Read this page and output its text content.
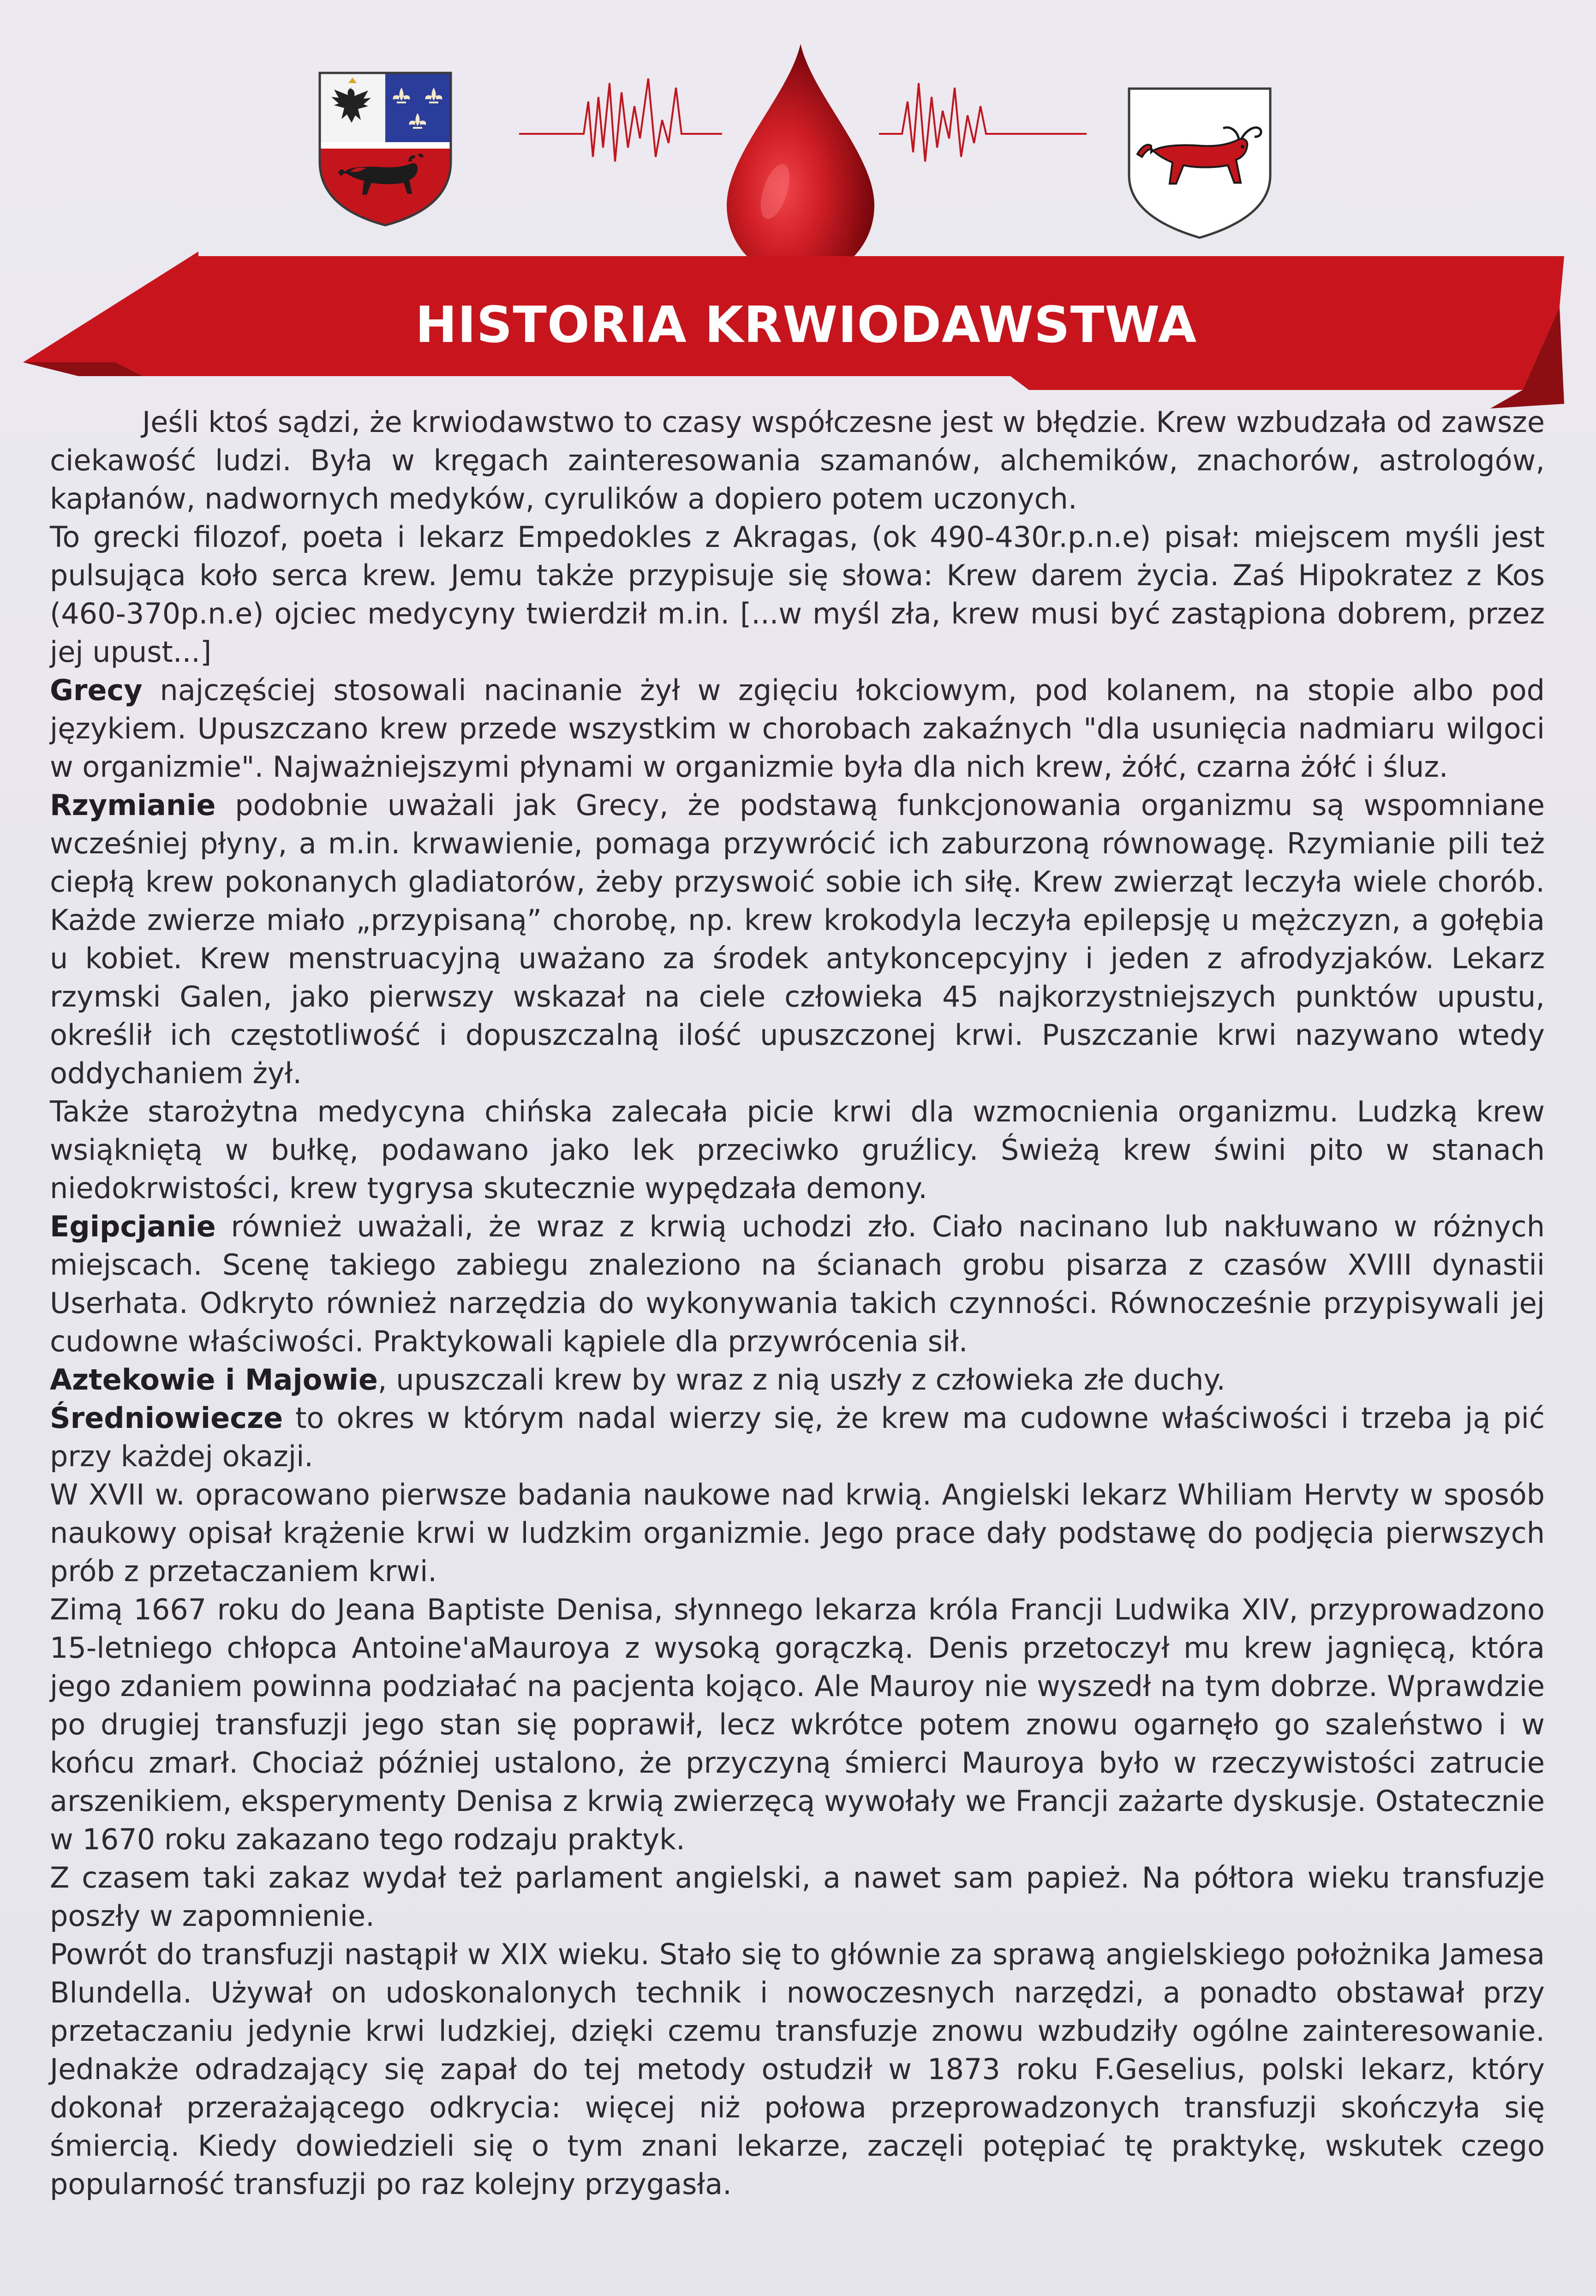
HISTORIA KRWIODAWSTWA

Jeśli ktoś sądzi, że krwiodawstwo to czasy współczesne jest w błędzie. Krew wzbudzała od zawsze ciekawość ludzi. Była w kręgach zainteresowania szamanów, alchemików, znachorów, astrologów, kapłanów, nadwornych medyków, cyrulików a dopiero potem uczonych.

To grecki filozof, poeta i lekarz Empedokles z Akragas, (ok 490-430r.p.n.e) pisał: miejscem myśli jest pulsująca koło serca krew. Jemu także przypisuje się słowa: Krew darem życia. Zaś Hipokratez z Kos (460-370p.n.e) ojciec medycyny twierdził m.in. [...w myśl zła, krew musi być zastąpiona dobrem, przez jej upust...]

Grecy najczęściej stosowali nacinanie żył w zgięciu łokciowym, pod kolanem, na stopie albo pod językiem. Upuszczano krew przede wszystkim w chorobach zakaźnych "dla usunięcia nadmiaru wilgoci w organizmie". Najważniejszymi płynami w organizmie była dla nich krew, żółć, czarna żółć i śluz.

Rzymianie podobnie uważali jak Grecy, że podstawą funkcjonowania organizmu są wspomniane wcześniej płyny, a m.in. krwawienie, pomaga przywrócić ich zaburzoną równowagę. Rzymianie pili też ciepłą krew pokonanych gladiatorów, żeby przyswoić sobie ich siłę. Krew zwierząt leczyła wiele chorób. Każde zwierze miało „przypisaną” chorobę, np. krew krokodyla leczyła epilepsję u mężczyzn, a gołębia u kobiet. Krew menstruacyjną uważano za środek antykoncepcyjny i jeden z afrodyzjaków. Lekarz rzymski Galen, jako pierwszy wskazał na ciele człowieka 45 najkorzystniejszych punktów upustu, określił ich częstotliwość i dopuszczalną ilość upuszczonej krwi. Puszczanie krwi nazywano wtedy oddychaniem żył.

Także starożytna medycyna chińska zalecała picie krwi dla wzmocnienia organizmu. Ludzką krew wsiąkniętą w bułkę, podawano jako lek przeciwko gruźlicy. Świeżą krew świni pito w stanach niedokrwistości, krew tygrysa skutecznie wypędzała demony.

Egipcjanie również uważali, że wraz z krwią uchodzi zło. Ciało nacinano lub nakłuwano w różnych miejscach. Scenę takiego zabiegu znaleziono na ścianach grobu pisarza z czasów XVIII dynastii Userhata. Odkryto również narzędzia do wykonywania takich czynności. Równocześnie przypisywali jej cudowne właściwości. Praktykowali kąpiele dla przywrócenia sił.

Aztekowie i Majowie, upuszczali krew by wraz z nią uszły z człowieka złe duchy.

Średniowiecze to okres w którym nadal wierzy się, że krew ma cudowne właściwości i trzeba ją pić przy każdej okazji.

W XVII w. opracowano pierwsze badania naukowe nad krwią. Angielski lekarz Whiliam Hervty w sposób naukowy opisał krążenie krwi w ludzkim organizmie. Jego prace dały podstawę do podjęcia pierwszych prób z przetaczaniem krwi.

Zimą 1667 roku do Jeana Baptiste Denisa, słynnego lekarza króla Francji Ludwika XIV, przyprowadzono 15-letniego chłopca Antoine'aMauroya z wysoką gorączką. Denis przetoczył mu krew jagnięcą, która jego zdaniem powinna podziałać na pacjenta kojąco. Ale Mauroy nie wyszedł na tym dobrze. Wprawdzie po drugiej transfuzji jego stan się poprawił, lecz wkrótce potem znowu ogarnęło go szaleństwo i w końcu zmarł. Chociaż później ustalono, że przyczyną śmierci Mauroya było w rzeczywistości zatrucie arszenikiem, eksperymenty Denisa z krwią zwierzęcą wywołały we Francji zażarte dyskusje. Ostatecznie w 1670 roku zakazano tego rodzaju praktyk.

Z czasem taki zakaz wydał też parlament angielski, a nawet sam papież. Na półtora wieku transfuzje poszły w zapomnienie.

Powrót do transfuzji nastąpił w XIX wieku. Stało się to głównie za sprawą angielskiego położnika Jamesa Blundella. Używał on udoskonalonych technik i nowoczesnych narzędzi, a ponadto obstawał przy przetaczaniu jedynie krwi ludzkiej, dzięki czemu transfuzje znowu wzbudziły ogólne zainteresowanie. Jednakże odradzający się zapał do tej metody ostudził w 1873 roku F.Geselius, polski lekarz, który dokonał przerażającego odkrycia: więcej niż połowa przeprowadzonych transfuzji skończyła się śmiercią. Kiedy dowiedzieli się o tym znani lekarze, zaczęli potępiać tę praktykę, wskutek czego popularność transfuzji po raz kolejny przygasła.
